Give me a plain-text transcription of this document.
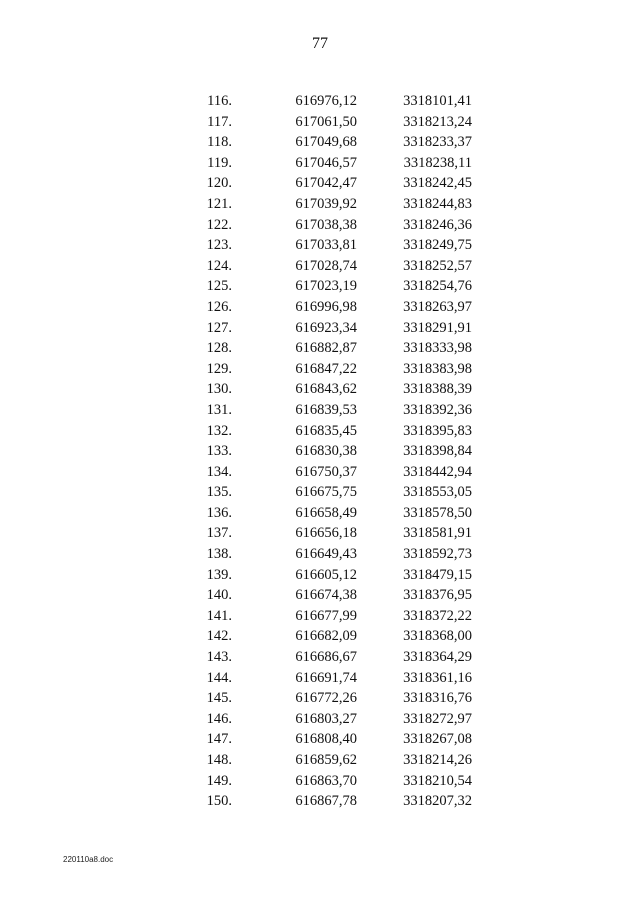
77
116.	616976,12	3318101,41
117.	617061,50	3318213,24
118.	617049,68	3318233,37
119.	617046,57	3318238,11
120.	617042,47	3318242,45
121.	617039,92	3318244,83
122.	617038,38	3318246,36
123.	617033,81	3318249,75
124.	617028,74	3318252,57
125.	617023,19	3318254,76
126.	616996,98	3318263,97
127.	616923,34	3318291,91
128.	616882,87	3318333,98
129.	616847,22	3318383,98
130.	616843,62	3318388,39
131.	616839,53	3318392,36
132.	616835,45	3318395,83
133.	616830,38	3318398,84
134.	616750,37	3318442,94
135.	616675,75	3318553,05
136.	616658,49	3318578,50
137.	616656,18	3318581,91
138.	616649,43	3318592,73
139.	616605,12	3318479,15
140.	616674,38	3318376,95
141.	616677,99	3318372,22
142.	616682,09	3318368,00
143.	616686,67	3318364,29
144.	616691,74	3318361,16
145.	616772,26	3318316,76
146.	616803,27	3318272,97
147.	616808,40	3318267,08
148.	616859,62	3318214,26
149.	616863,70	3318210,54
150.	616867,78	3318207,32
220110a8.doc
